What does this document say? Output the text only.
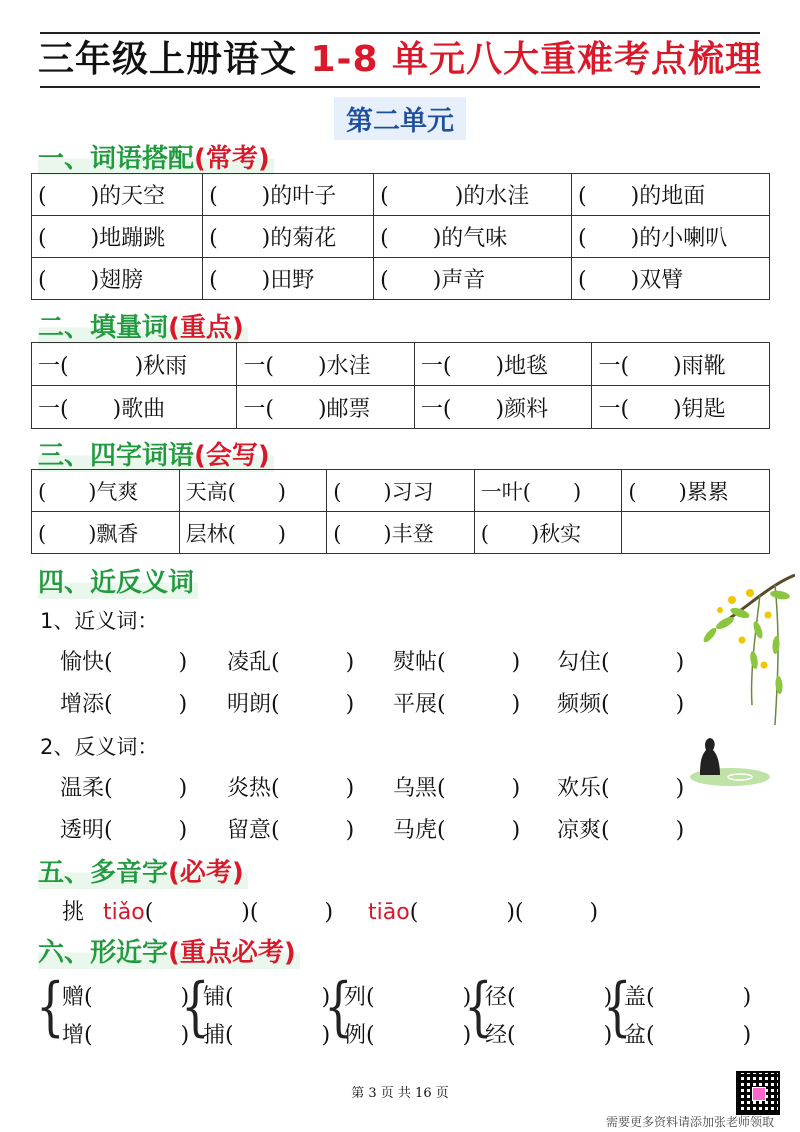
三年级上册语文 1-8 单元八大重难考点梳理
第二单元
一、词语搭配(常考)
(　　)的天空	(　　)的叶子	(　　　)的水洼	(　　)的地面
(　　)地蹦跳	(　　)的菊花	(　　)的气味	(　　)的小喇叭
(　　)翅膀	(　　)田野	(　　)声音	(　　)双臂
二、填量词(重点)
一(　　　)秋雨	一(　　)水洼	一(　　)地毯	一(　　)雨靴
一(　　)歌曲	一(　　)邮票	一(　　)颜料	一(　　)钥匙
三、四字词语(会写)
(　　)气爽	天高(　　)	(　　)习习	一叶(　　)	(　　)累累
(　　)飘香	层林(　　)	(　　)丰登	(　　)秋实	
四、近反义词
1、近义词：
愉快(　　　) 凌乱(　　　) 熨帖(　　　) 勾住(　　　)
增添(　　　) 明朗(　　　) 平展(　　　) 频频(　　　)
2、反义词：
温柔(　　　) 炎热(　　　) 乌黑(　　　) 欢乐(　　　)
透明(　　　) 留意(　　　) 马虎(　　　) 凉爽(　　　)
五、多音字(必考)
挑 tiǎo(　　　　)(　　　) tiāo(　　　　)(　　　)
六、形近字(重点必考)
{
赠(　　　　)
增(　　　　)
{
铺(　　　　)
捕(　　　　)
{
列(　　　　)
例(　　　　)
{
径(　　　　)
经(　　　　)
{
盖(　　　　)
盆(　　　　)
第 3 页 共 16 页
需要更多资料请添加张老师领取
